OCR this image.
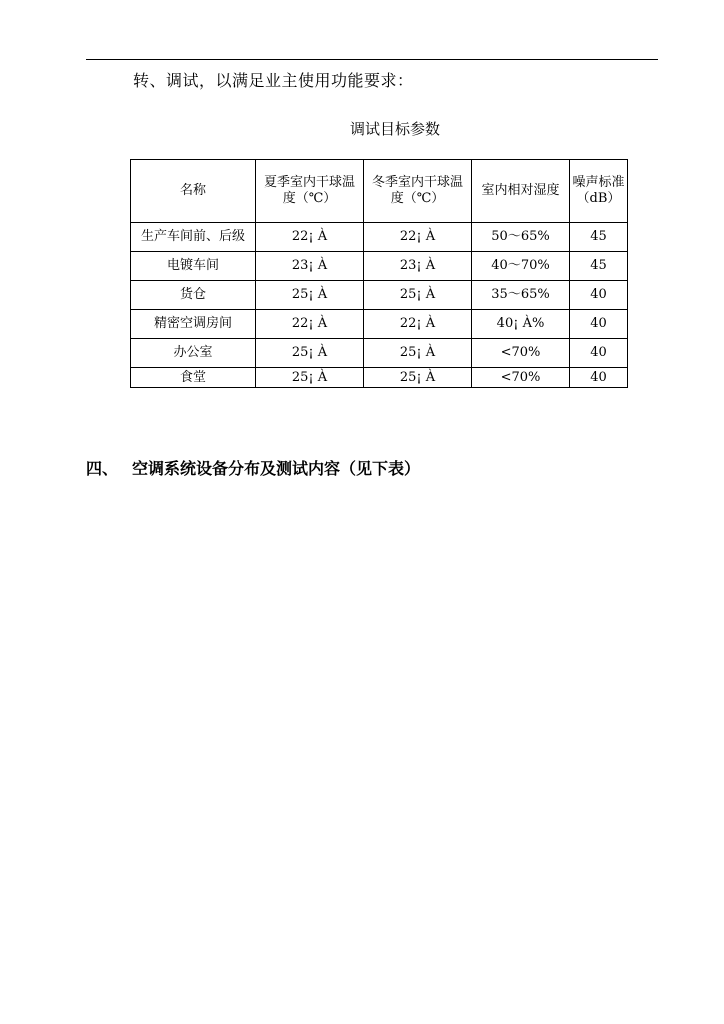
转、调试，以满足业主使用功能要求：
调试目标参数
名称	夏季室内干球温度（℃）	冬季室内干球温度（℃）	室内相对湿度	噪声标准（dB）
生产车间前、后级	22¡ À	22¡ À	50～65%	45
电镀车间	23¡ À	23¡ À	40～70%	45
货仓	25¡ À	25¡ À	35～65%	40
精密空调房间	22¡ À	22¡ À	40¡ À%	40
办公室	25¡ À	25¡ À	<70%	40
食堂	25¡ À	25¡ À	<70%	40
四、 空调系统设备分布及测试内容（见下表）
